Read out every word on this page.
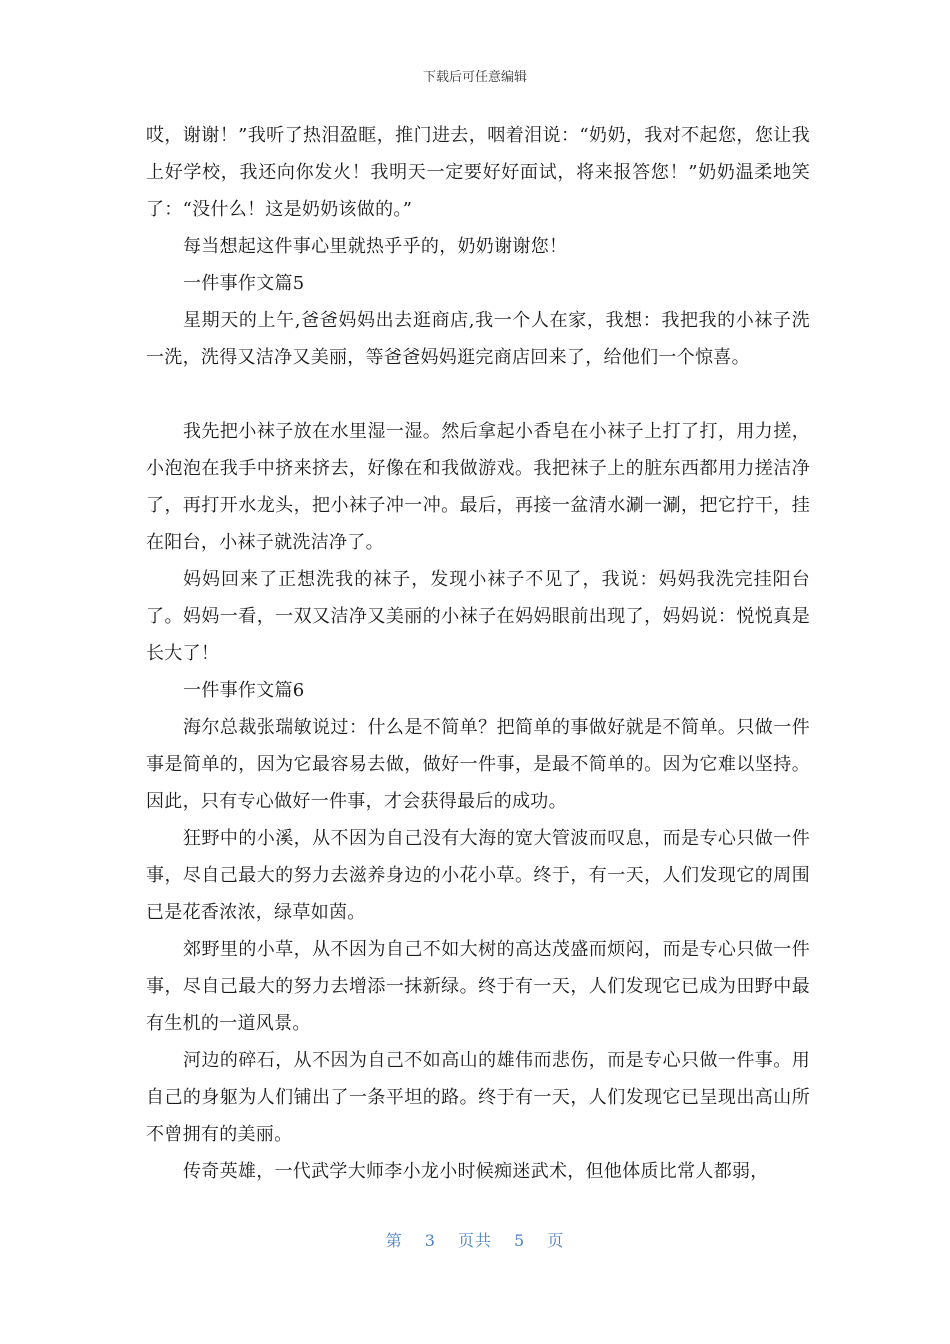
下载后可任意编辑

哎，谢谢！”我听了热泪盈眶，推门进去，咽着泪说：“奶奶，我对不起您，您让我上好学校，我还向你发火！我明天一定要好好面试，将来报答您！”奶奶温柔地笑了：“没什么！这是奶奶该做的。”

每当想起这件事心里就热乎乎的，奶奶谢谢您！

一件事作文篇5

星期天的上午,爸爸妈妈出去逛商店,我一个人在家，我想：我把我的小袜子洗一洗，洗得又洁净又美丽，等爸爸妈妈逛完商店回来了，给他们一个惊喜。

我先把小袜子放在水里湿一湿。然后拿起小香皂在小袜子上打了打，用力搓，小泡泡在我手中挤来挤去，好像在和我做游戏。我把袜子上的脏东西都用力搓洁净了，再打开水龙头，把小袜子冲一冲。最后，再接一盆清水涮一涮，把它拧干，挂在阳台，小袜子就洗洁净了。

妈妈回来了正想洗我的袜子，发现小袜子不见了，我说：妈妈我洗完挂阳台了。妈妈一看，一双又洁净又美丽的小袜子在妈妈眼前出现了，妈妈说：悦悦真是长大了！

一件事作文篇6

海尔总裁张瑞敏说过：什么是不简单？把简单的事做好就是不简单。只做一件事是简单的，因为它最容易去做，做好一件事，是最不简单的。因为它难以坚持。因此，只有专心做好一件事，才会获得最后的成功。

狂野中的小溪，从不因为自己没有大海的宽大管波而叹息，而是专心只做一件事，尽自己最大的努力去滋养身边的小花小草。终于，有一天，人们发现它的周围已是花香浓浓，绿草如茵。

郊野里的小草，从不因为自己不如大树的高达茂盛而烦闷，而是专心只做一件事，尽自己最大的努力去增添一抹新绿。终于有一天，人们发现它已成为田野中最有生机的一道风景。

河边的碎石，从不因为自己不如高山的雄伟而悲伤，而是专心只做一件事。用自己的身躯为人们铺出了一条平坦的路。终于有一天，人们发现它已呈现出高山所不曾拥有的美丽。

传奇英雄，一代武学大师李小龙小时候痴迷武术，但他体质比常人都弱，

第 3 页共 5 页
